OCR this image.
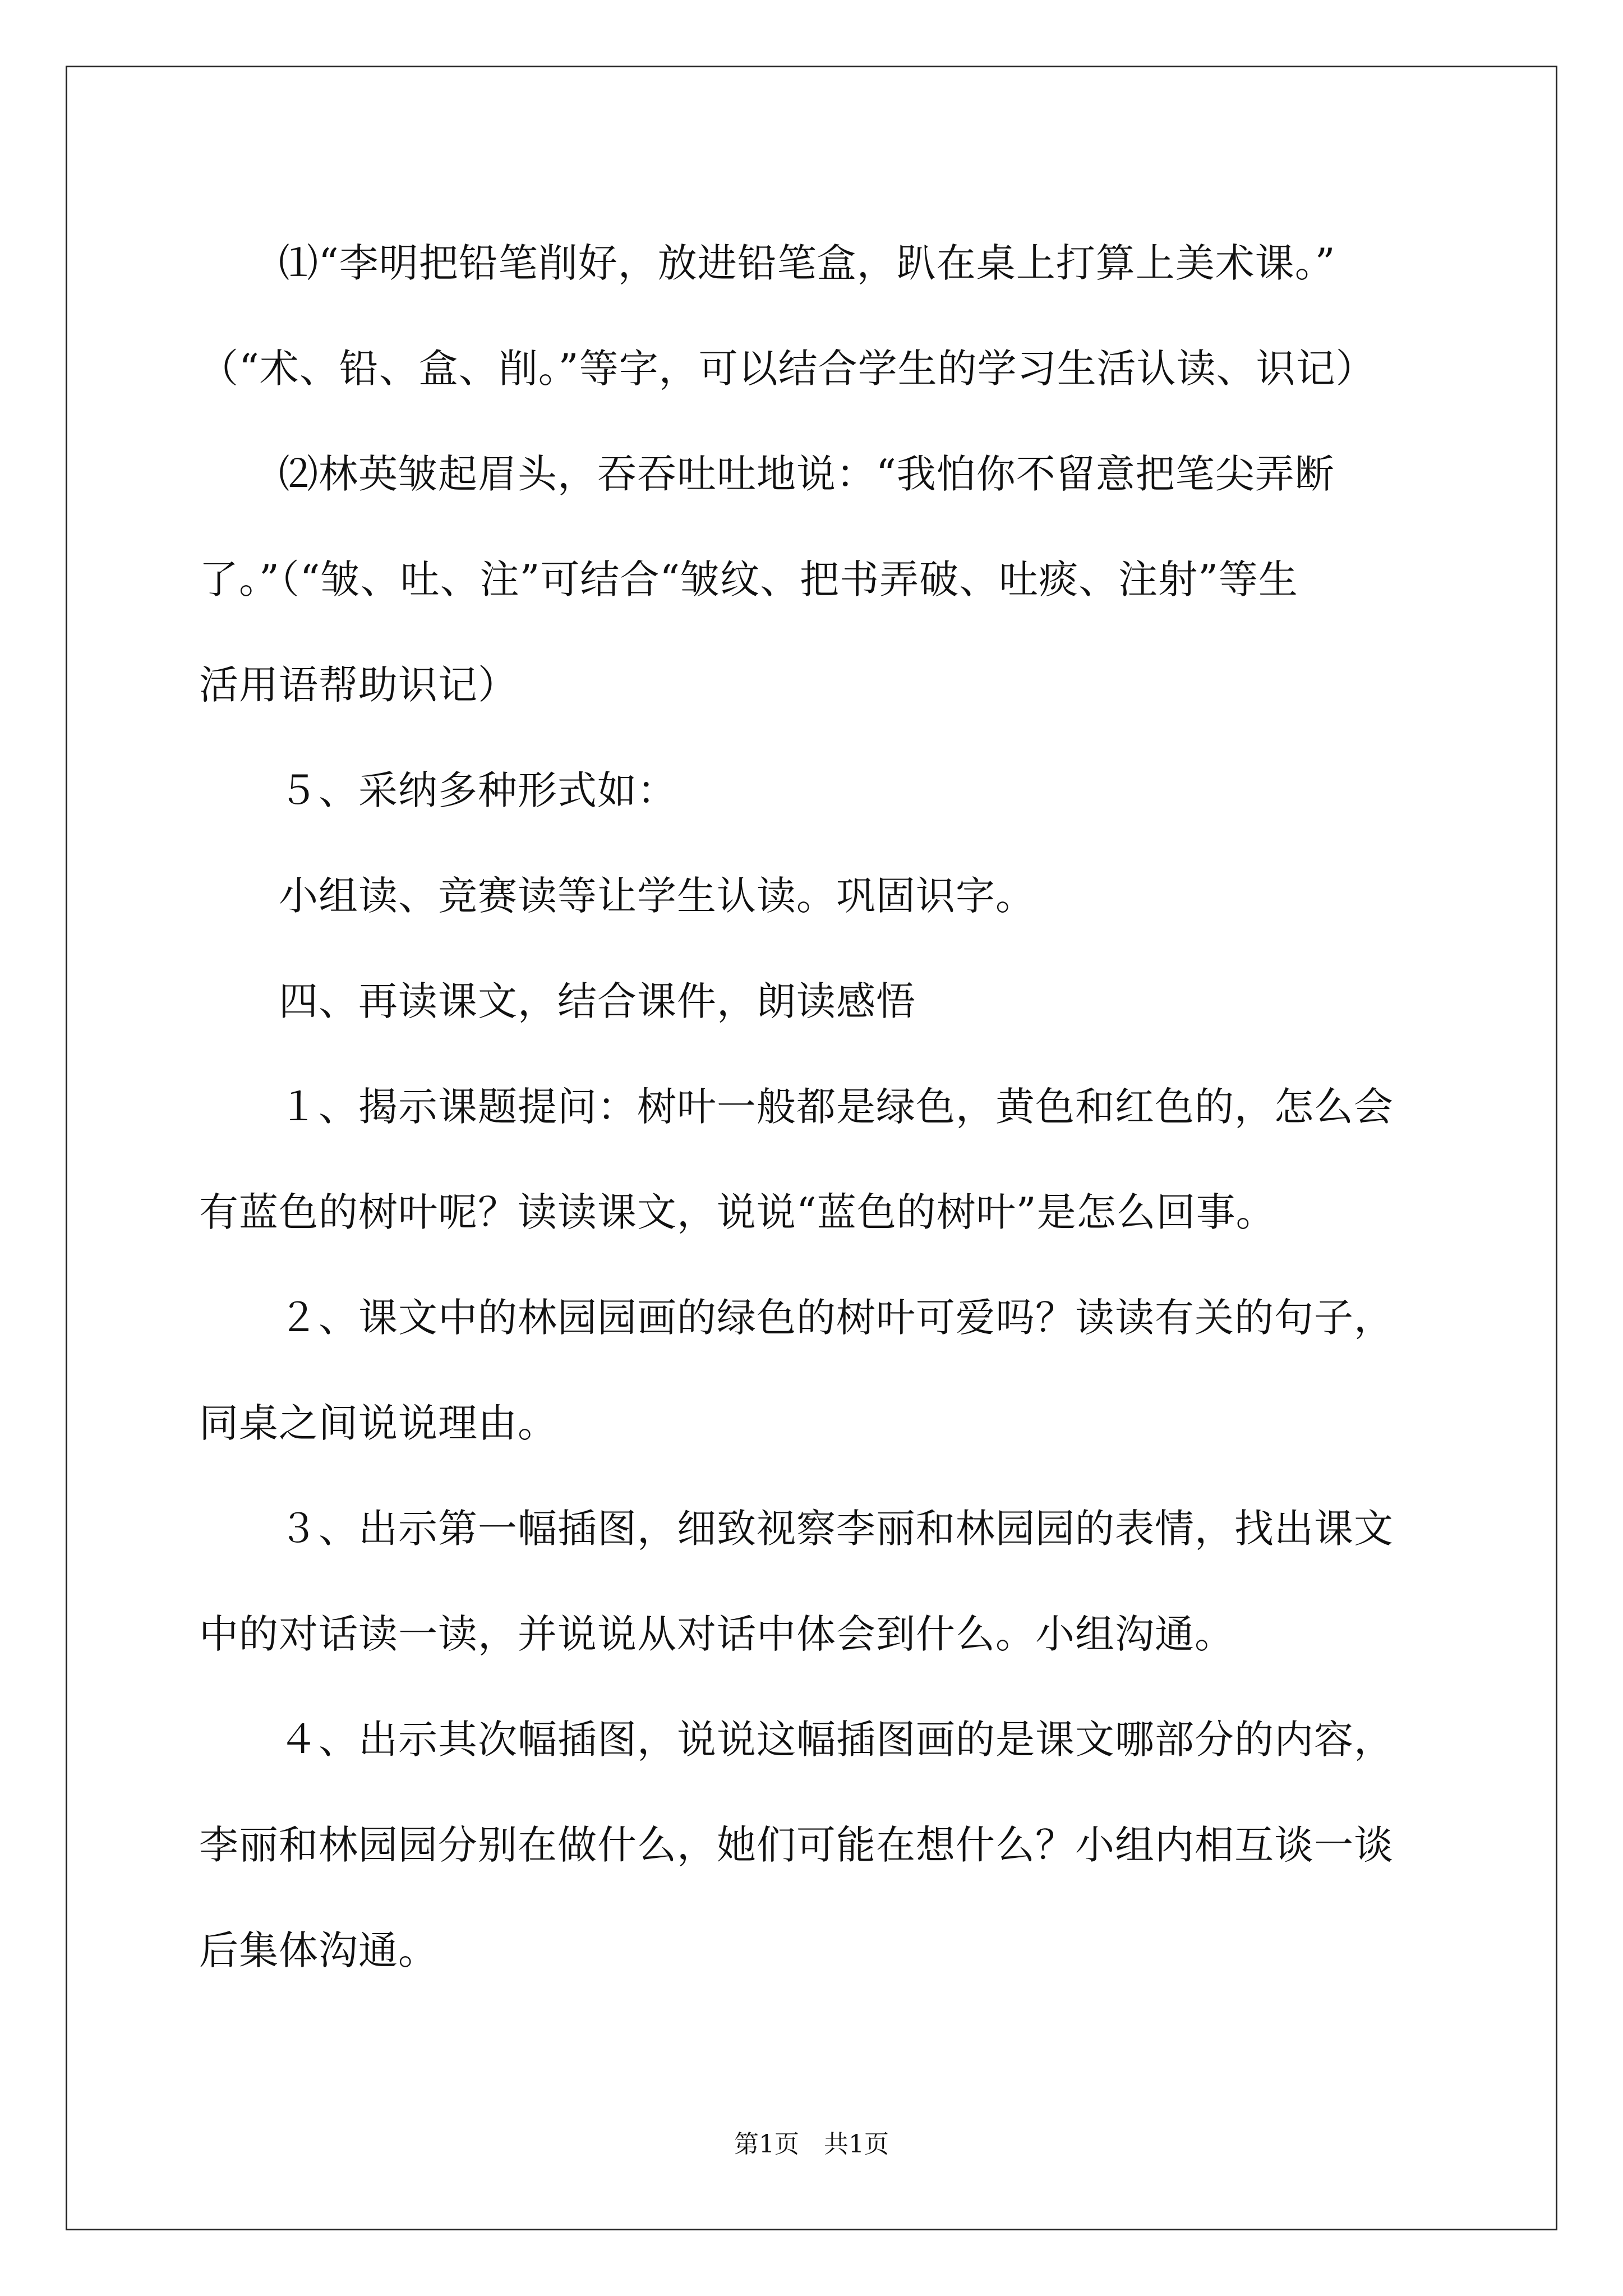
　　⑴“李明把铅笔削好，放进铅笔盒，趴在桌上打算上美术课。”

（“术、铅、盒、削。”等字，可以结合学生的学习生活认读、识记）

　　⑵林英皱起眉头，吞吞吐吐地说：“我怕你不留意把笔尖弄断

了。”（“皱、吐、注”可结合“皱纹、把书弄破、吐痰、注射”等生

活用语帮助识记）

　　５、采纳多种形式如：

　　小组读、竞赛读等让学生认读。巩固识字。

　　四、再读课文，结合课件，朗读感悟

　　１、揭示课题提问：树叶一般都是绿色，黄色和红色的，怎么会

有蓝色的树叶呢？读读课文，说说“蓝色的树叶”是怎么回事。

　　２、课文中的林园园画的绿色的树叶可爱吗？读读有关的句子，

同桌之间说说理由。

　　３、出示第一幅插图，细致视察李丽和林园园的表情，找出课文

中的对话读一读，并说说从对话中体会到什么。小组沟通。

　　４、出示其次幅插图，说说这幅插图画的是课文哪部分的内容，

李丽和林园园分别在做什么，她们可能在想什么？小组内相互谈一谈

后集体沟通。

第1页　共1页
